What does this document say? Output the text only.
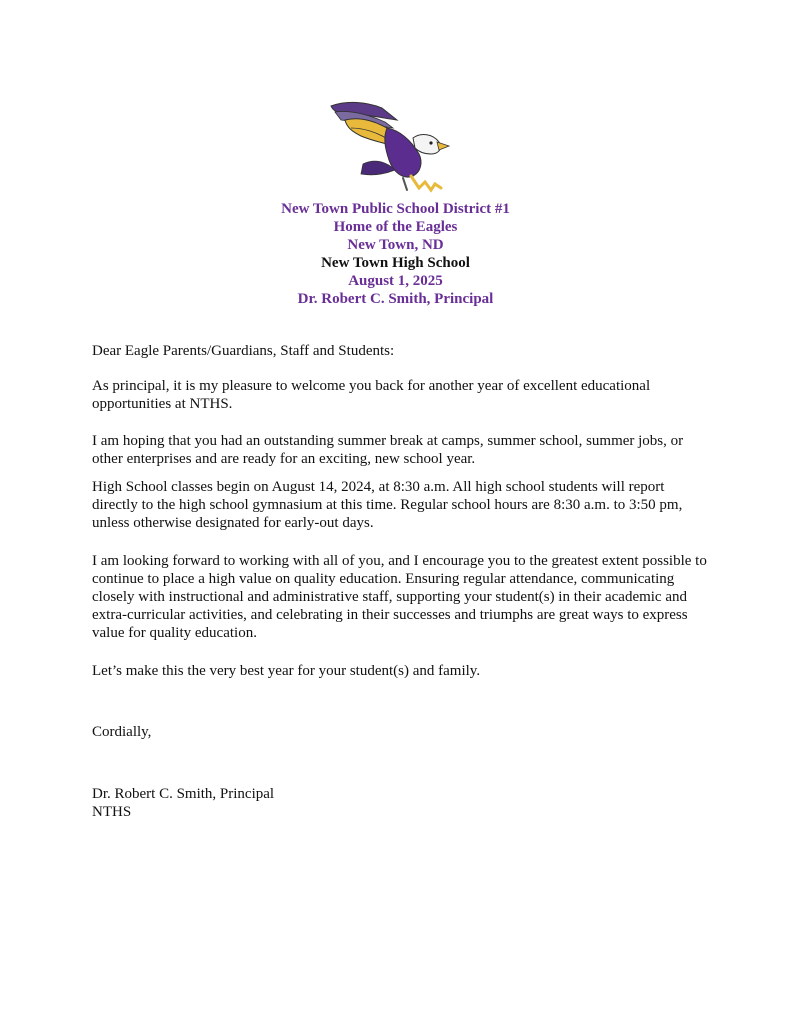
New Town Public School District #1
Home of the Eagles
New Town, ND
New Town High School
August 1, 2025
Dr. Robert C. Smith, Principal

Dear Eagle Parents/Guardians, Staff and Students:

As principal, it is my pleasure to welcome you back for another year of excellent educational opportunities at NTHS.

I am hoping that you had an outstanding summer break at camps, summer school, summer jobs, or other enterprises and are ready for an exciting, new school year.

High School classes begin on August 14, 2024, at 8:30 a.m. All high school students will report directly to the high school gymnasium at this time. Regular school hours are 8:30 a.m. to 3:50 pm, unless otherwise designated for early-out days.

I am looking forward to working with all of you, and I encourage you to the greatest extent possible to continue to place a high value on quality education. Ensuring regular attendance, communicating closely with instructional and administrative staff, supporting your student(s) in their academic and extra-curricular activities, and celebrating in their successes and triumphs are great ways to express value for quality education.

Let’s make this the very best year for your student(s) and family.

Cordially,

Dr. Robert C. Smith, Principal

NTHS
